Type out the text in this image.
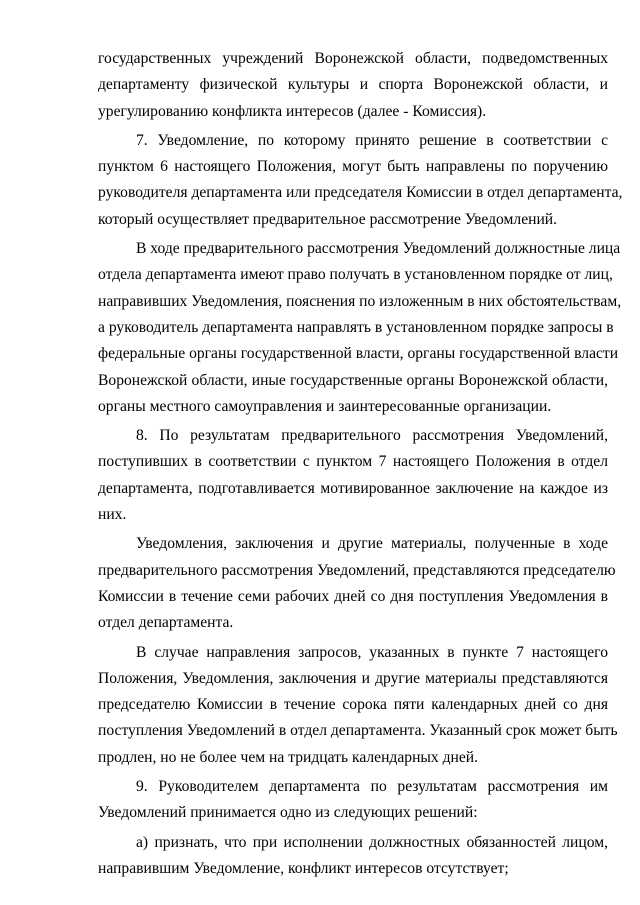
государственных учреждений Воронежской области, подведомственных
департаменту физической культуры и спорта Воронежской области, и
урегулированию конфликта интересов (далее - Комиссия).
7. Уведомление, по которому принято решение в соответствии с
пунктом 6 настоящего Положения, могут быть направлены по поручению
руководителя департамента или председателя Комиссии в отдел департамента,
который осуществляет предварительное рассмотрение Уведомлений.
В ходе предварительного рассмотрения Уведомлений должностные лица
отдела департамента имеют право получать в установленном порядке от лиц,
направивших Уведомления, пояснения по изложенным в них обстоятельствам,
а руководитель департамента направлять в установленном порядке запросы в
федеральные органы государственной власти, органы государственной власти
Воронежской области, иные государственные органы Воронежской области,
органы местного самоуправления и заинтересованные организации.
8. По результатам предварительного рассмотрения Уведомлений,
поступивших в соответствии с пунктом 7 настоящего Положения в отдел
департамента, подготавливается мотивированное заключение на каждое из
них.
Уведомления, заключения и другие материалы, полученные в ходе
предварительного рассмотрения Уведомлений, представляются председателю
Комиссии в течение семи рабочих дней со дня поступления Уведомления в
отдел департамента.
В случае направления запросов, указанных в пункте 7 настоящего
Положения, Уведомления, заключения и другие материалы представляются
председателю Комиссии в течение сорока пяти календарных дней со дня
поступления Уведомлений в отдел департамента. Указанный срок может быть
продлен, но не более чем на тридцать календарных дней.
9. Руководителем департамента по результатам рассмотрения им
Уведомлений принимается одно из следующих решений:
а) признать, что при исполнении должностных обязанностей лицом,
направившим Уведомление, конфликт интересов отсутствует;
